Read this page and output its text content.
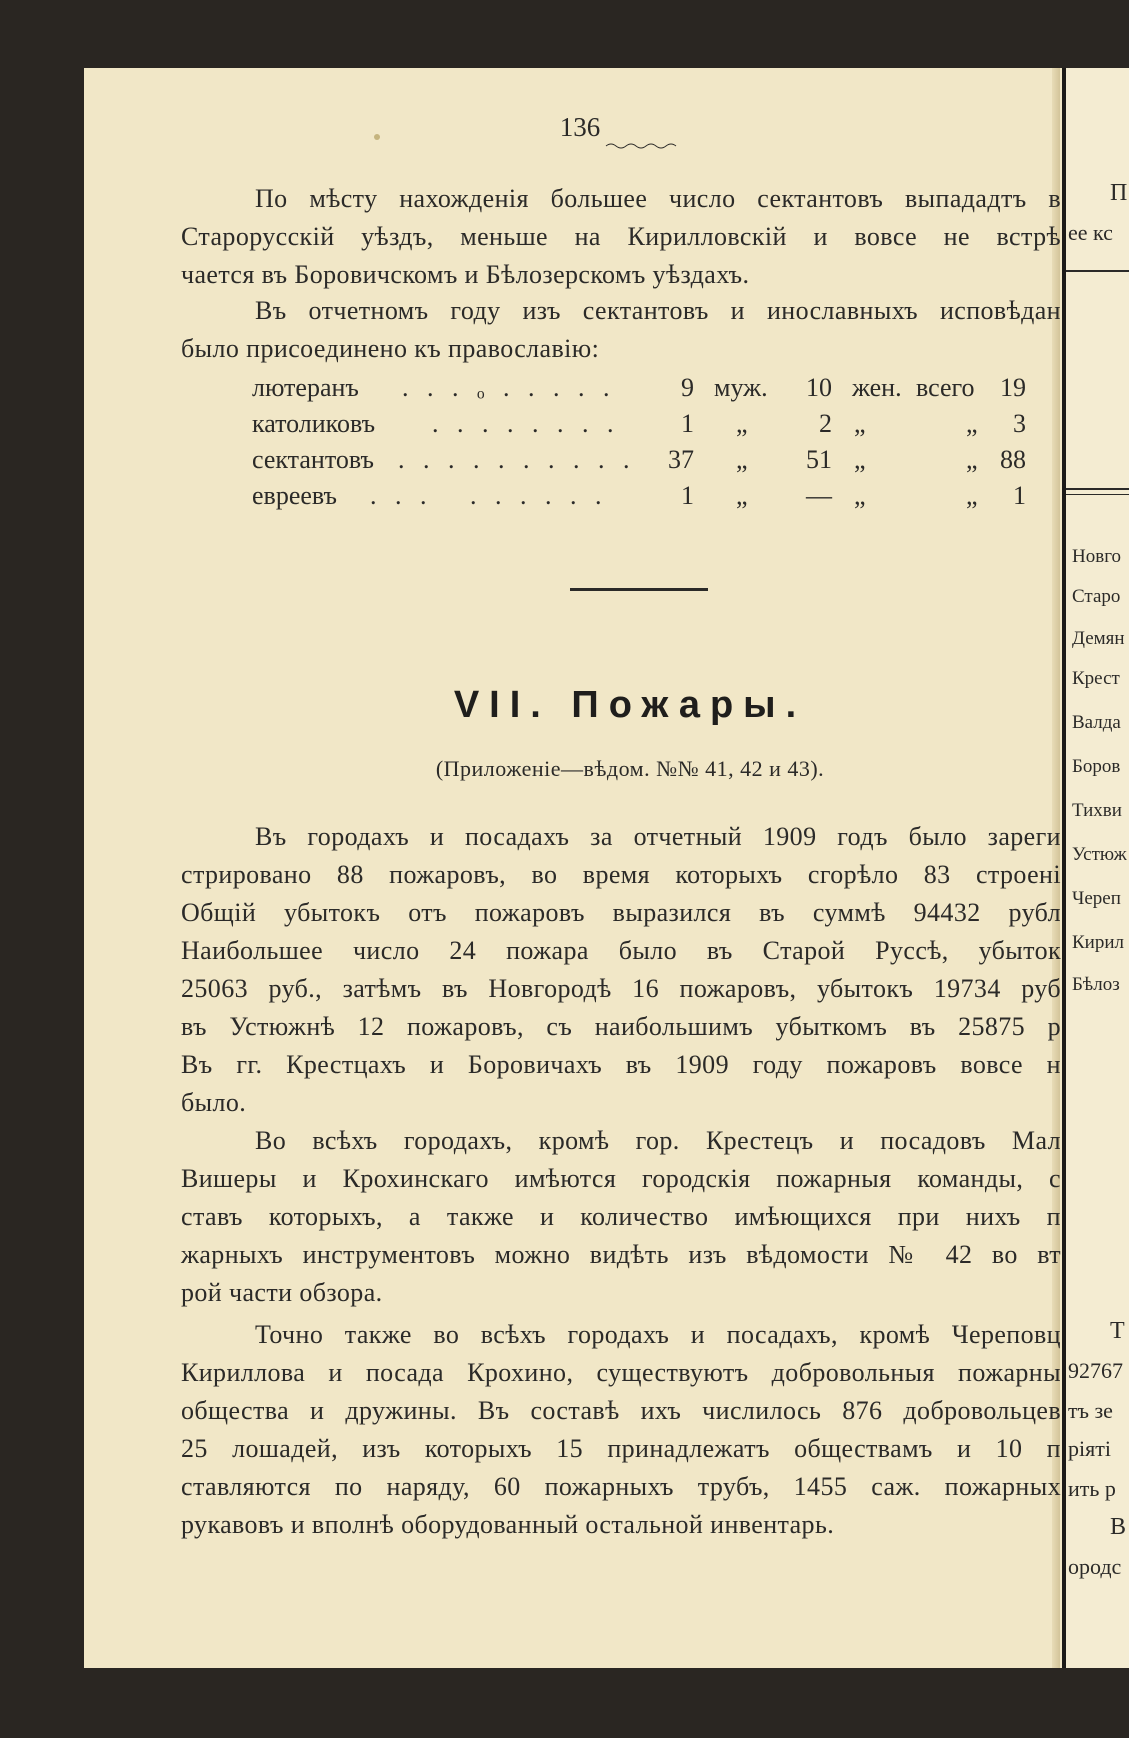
136
По мѣсту нахожденія большее число сектантовъ выпададтъ в
Старорусскій уѣздъ, меньше на Кирилловскій и вовсе не встрѣ
чается въ Боровичскомъ и Бѣлозерскомъ уѣздахъ.
Въ отчетномъ году изъ сектантовъ и инославныхъ исповѣдан
было присоединено къ православію:
лютеранъ . . . ₒ . . . . .	9 муж.	10 жен. всего 19
католиковъ . . . . . . . .	1 „	2 „	„	3
сектантовъ . . . . . . . . . .	37 „	51 „	„ 88
евреевъ . . .   . . . . . .	1 „	— „	„	1
VII. Пожары.
(Приложеніе—вѣдом. №№ 41, 42 и 43).
Въ городахъ и посадахъ за отчетный 1909 годъ было зареги
стрировано 88 пожаровъ, во время которыхъ сгорѣло 83 строені
Общій убытокъ отъ пожаровъ выразился въ суммѣ 94432 рубл
Наибольшее число 24 пожара было въ Старой Руссѣ, убыток
25063 руб., затѣмъ въ Новгородѣ 16 пожаровъ, убытокъ 19734 руб
въ Устюжнѣ 12 пожаровъ, съ наибольшимъ убыткомъ въ 25875 р
Въ гг. Крестцахъ и Боровичахъ въ 1909 году пожаровъ вовсе н
было.
Во всѣхъ городахъ, кромѣ гор. Крестецъ и посадовъ Мал
Вишеры и Крохинскаго имѣются городскія пожарныя команды, с
ставъ которыхъ, а также и количество имѣющихся при нихъ п
жарныхъ инструментовъ можно видѣть изъ вѣдомости № 42 во вт
рой части обзора.
Точно также во всѣхъ городахъ и посадахъ, кромѣ Череповц
Кириллова и посада Крохино, существуютъ добровольныя пожарны
общества и дружины. Въ составѣ ихъ числилось 876 добровольцев
25 лошадей, изъ которыхъ 15 принадлежатъ обществамъ и 10 п
ставляются по наряду, 60 пожарныхъ трубъ, 1455 саж. пожарных
рукавовъ и вполнѣ оборудованный остальной инвентарь.
П
ее кс
Новго
Старо
Демян
Крест
Валда
Боров
Тихви
Устюж
Череп
Кирил
Бѣлоз
Т
92767
тъ зе
ріяті
ить р
В
ородс
